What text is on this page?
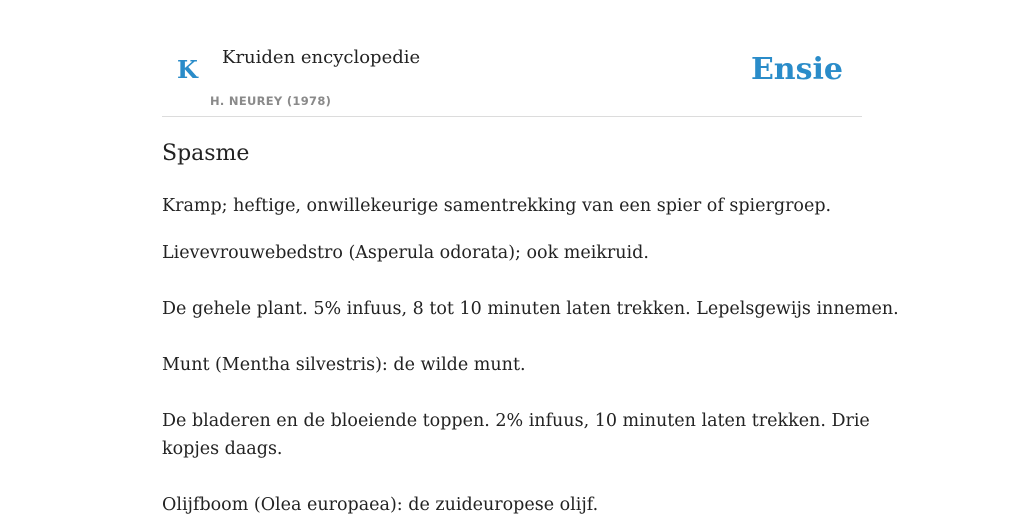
K Kruiden encyclopedie
H. NEUREY (1978)
Ensie
Spasme

Kramp; heftige, onwillekeurige samentrekking van een spier of spiergroep.

Lievevrouwebedstro (Asperula odorata); ook meikruid.

De gehele plant. 5% infuus, 8 tot 10 minuten laten trekken. Lepelsgewijs innemen.

Munt (Mentha silvestris): de wilde munt.

De bladeren en de bloeiende toppen. 2% infuus, 10 minuten laten trekken. Drie

kopjes daags.

Olijfboom (Olea europaea): de zuideuropese olijf.
